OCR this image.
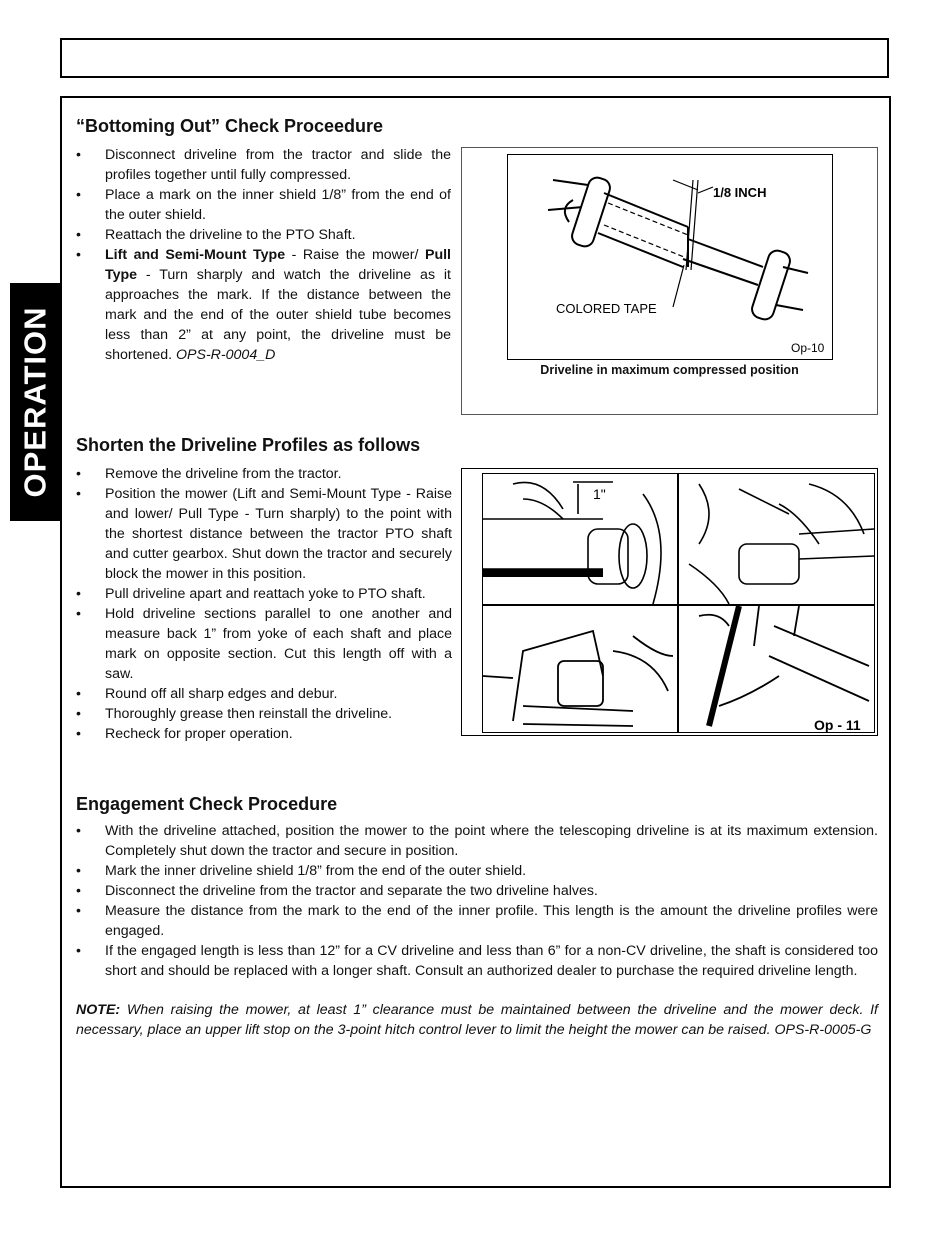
OPERATION
“Bottoming Out” Check Proceedure
• Disconnect driveline from the tractor and slide the profiles together until fully compressed.
• Place a mark on the inner shield 1/8” from the end of the outer shield.
• Reattach the driveline to the PTO Shaft.
• Lift and Semi-Mount Type - Raise the mower/ Pull Type - Turn sharply and watch the driveline as it approaches the mark. If the distance between the mark and the end of the outer shield tube becomes less than 2” at any point, the driveline must be shortened. OPS-R-0004_D
1/8 INCH
COLORED TAPE
Op-10
Driveline in maximum compressed position
Shorten the Driveline Profiles as follows
• Remove the driveline from the tractor.
• Position the mower (Lift and Semi-Mount Type - Raise and lower/ Pull Type - Turn sharply) to the point with the shortest distance between the tractor PTO shaft and cutter gearbox. Shut down the tractor and securely block the mower in this position.
• Pull driveline apart and reattach yoke to PTO shaft.
• Hold driveline sections parallel to one another and measure back 1” from yoke of each shaft and place mark on opposite section. Cut this length off with a saw.
• Round off all sharp edges and debur.
• Thoroughly grease then reinstall the driveline.
• Recheck for proper operation.
1"
Op - 11
Engagement Check Procedure
• With the driveline attached, position the mower to the point where the telescoping driveline is at its maximum extension. Completely shut down the tractor and secure in position.
• Mark the inner driveline shield 1/8” from the end of the outer shield.
• Disconnect the driveline from the tractor and separate the two driveline halves.
• Measure the distance from the mark to the end of the inner profile. This length is the amount the driveline profiles were engaged.
• If the engaged length is less than 12” for a CV driveline and less than 6” for a non-CV driveline, the shaft is considered too short and should be replaced with a longer shaft. Consult an authorized dealer to purchase the required driveline length.

NOTE: When raising the mower, at least 1” clearance must be maintained between the driveline and the mower deck. If necessary, place an upper lift stop on the 3-point hitch control lever to limit the height the mower can be raised. OPS-R-0005-G
